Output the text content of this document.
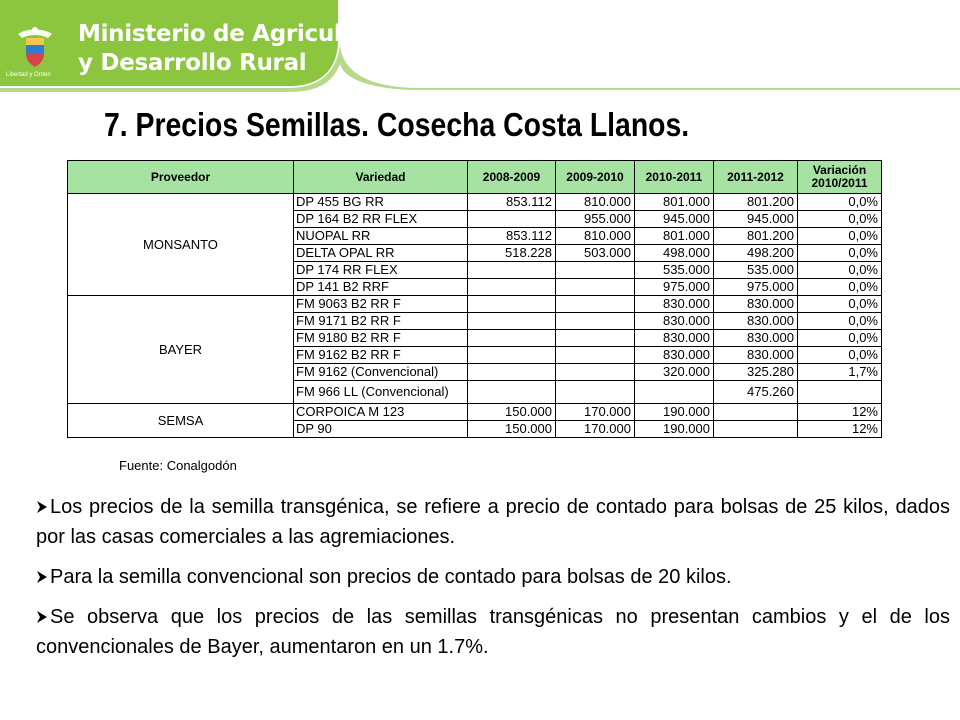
Libertad y Orden
Ministerio de Agricultura
y Desarrollo Rural
7. Precios Semillas. Cosecha Costa Llanos.
Proveedor	Variedad	2008-2009	2009-2010	2010-2011	2011-2012	Variación 2010/2011
MONSANTO	DP 455 BG RR	853.112	810.000	801.000	801.200	0,0%
	DP 164 B2 RR FLEX		955.000	945.000	945.000	0,0%
	NUOPAL RR	853.112	810.000	801.000	801.200	0,0%
	DELTA OPAL RR	518.228	503.000	498.000	498.200	0,0%
	DP 174 RR FLEX			535.000	535.000	0,0%
	DP 141 B2 RRF			975.000	975.000	0,0%
BAYER	FM 9063 B2 RR F			830.000	830.000	0,0%
	FM 9171 B2 RR F			830.000	830.000	0,0%
	FM 9180 B2 RR F			830.000	830.000	0,0%
	FM 9162 B2 RR F			830.000	830.000	0,0%
	FM 9162 (Convencional)			320.000	325.280	1,7%
	FM 966 LL (Convencional)				475.260	
SEMSA	CORPOICA M 123	150.000	170.000	190.000		12%
	DP 90	150.000	170.000	190.000		12%
Fuente: Conalgodón
Los precios de la semilla transgénica, se refiere a precio de contado para bolsas de 25 kilos, dados por las casas comerciales a las agremiaciones.
Para la semilla convencional son precios de contado para bolsas de 20 kilos.
Se observa que los precios de las semillas transgénicas no presentan cambios y el de los convencionales de Bayer, aumentaron en un 1.7%.
